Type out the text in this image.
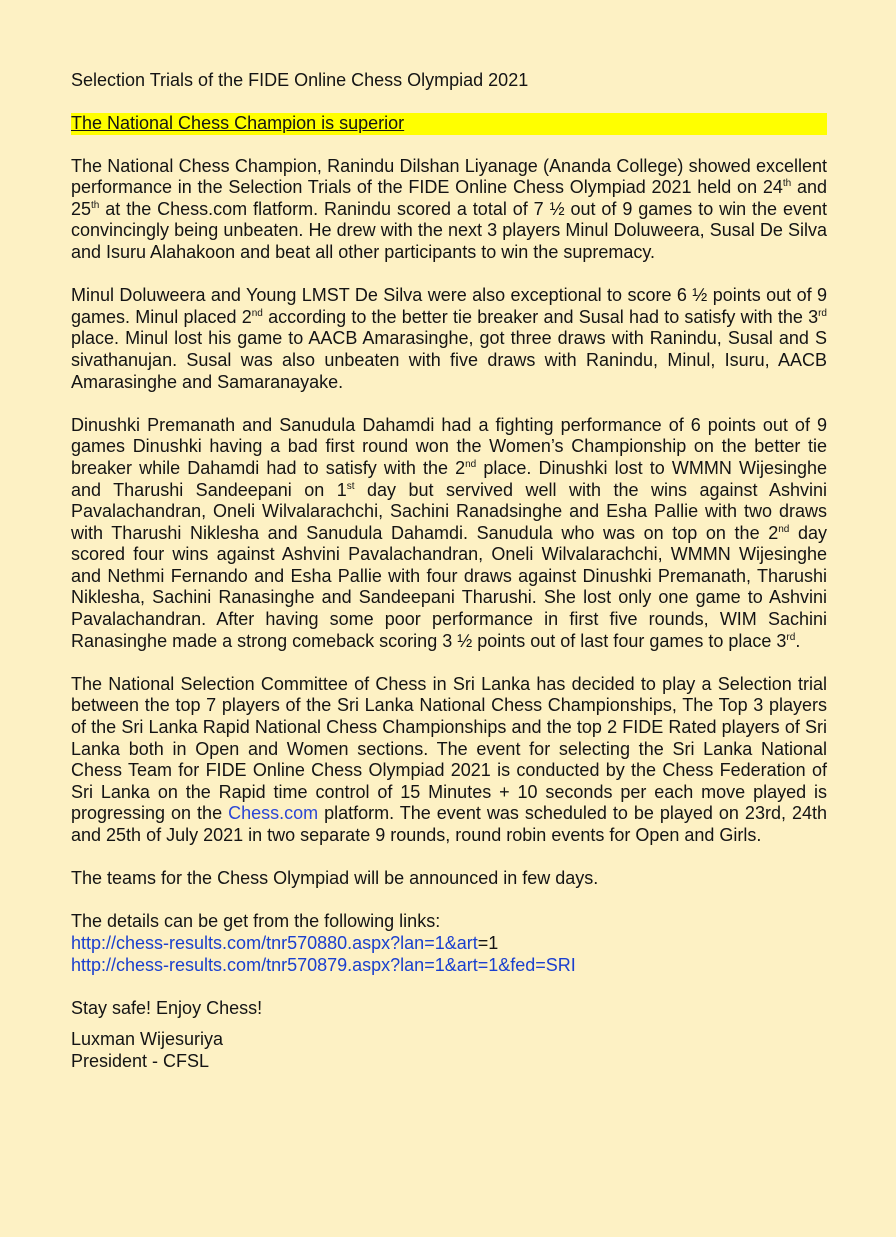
Selection Trials of the FIDE Online Chess Olympiad 2021

The National Chess Champion is superior

The National Chess Champion, Ranindu Dilshan Liyanage (Ananda College) showed excellent performance in the Selection Trials of the FIDE Online Chess Olympiad 2021 held on 24th and 25th at the Chess.com flatform. Ranindu scored a total of 7 ½ out of 9 games to win the event convincingly being unbeaten. He drew with the next 3 players Minul Doluweera, Susal De Silva and Isuru Alahakoon and beat all other participants to win the supremacy.

Minul Doluweera and Young LMST De Silva were also exceptional to score 6 ½ points out of 9 games. Minul placed 2nd according to the better tie breaker and Susal had to satisfy with the 3rd place. Minul lost his game to AACB Amarasinghe, got three draws with Ranindu, Susal and S sivathanujan. Susal was also unbeaten with five draws with Ranindu, Minul, Isuru, AACB Amarasinghe and Samaranayake.

Dinushki Premanath and Sanudula Dahamdi had a fighting performance of 6 points out of 9 games Dinushki having a bad first round won the Women’s Championship on the better tie breaker while Dahamdi had to satisfy with the 2nd place. Dinushki lost to WMMN Wijesinghe and Tharushi Sandeepani on 1st day but servived well with the wins against Ashvini Pavalachandran, Oneli Wilvalarachchi, Sachini Ranadsinghe and Esha Pallie with two draws with Tharushi Niklesha and Sanudula Dahamdi. Sanudula who was on top on the 2nd day scored four wins against Ashvini Pavalachandran, Oneli Wilvalarachchi, WMMN Wijesinghe and Nethmi Fernando and Esha Pallie with four draws against Dinushki Premanath, Tharushi Niklesha, Sachini Ranasinghe and Sandeepani Tharushi. She lost only one game to Ashvini Pavalachandran. After having some poor performance in first five rounds, WIM Sachini Ranasinghe made a strong comeback scoring 3 ½ points out of last four games to place 3rd.

The National Selection Committee of Chess in Sri Lanka has decided to play a Selection trial between the top 7 players of the Sri Lanka National Chess Championships, The Top 3 players of the Sri Lanka Rapid National Chess Championships and the top 2 FIDE Rated players of Sri Lanka both in Open and Women sections. The event for selecting the Sri Lanka National Chess Team for FIDE Online Chess Olympiad 2021 is conducted by the Chess Federation of Sri Lanka on the Rapid time control of 15 Minutes + 10 seconds per each move played is progressing on the Chess.com platform. The event was scheduled to be played on 23rd, 24th and 25th of July 2021 in two separate 9 rounds, round robin events for Open and Girls.

The teams for the Chess Olympiad will be announced in few days.

The details can be get from the following links:

http://chess-results.com/tnr570880.aspx?lan=1&art=1

http://chess-results.com/tnr570879.aspx?lan=1&art=1&fed=SRI

Stay safe! Enjoy Chess!

Luxman Wijesuriya

President - CFSL
